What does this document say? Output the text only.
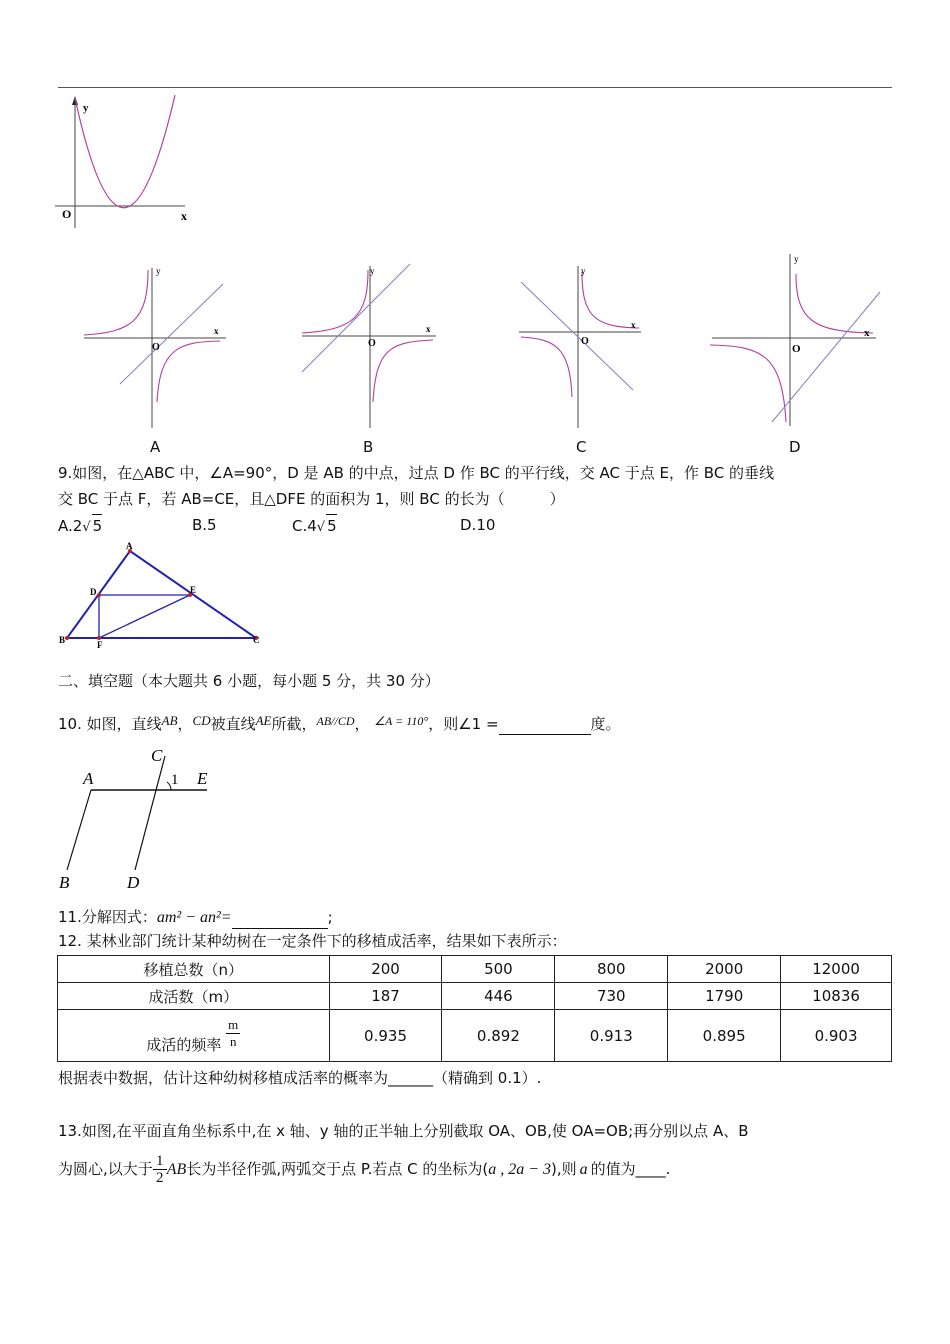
y
x
O
y
x
O
y
x
O
y
x
O
y
x
O
A	B	C	D
9.如图，在△ABC 中，∠A=90°，D 是 AB 的中点，过点 D 作 BC 的平行线，交 AC 于点 E，作 BC 的垂线
交 BC 于点 F，若 AB=CE，且△DFE 的面积为 1，则 BC 的长为（　　　）
A.2√ 5	B.5	C.4√ 5	D.10
A
B	C
D	E
F
二、填空题（本大题共 6 小题，每小题 5 分，共 30 分）
10. 如图，直线AB，CD被直线AE所截，$^{AB//CD}$， $^{\angle A = 110^\circ}$，则∠1 =	度。
A
C
1 E
B	D
11.分解因式：am² − an²=	;
12. 某林业部门统计某种幼树在一定条件下的移植成活率，结果如下表所示：
移植总数（n）	200	500	800	2000	12000
成活数（m）	187	446	730	1790	10836
成活的频率 $\frac{m}{n}$	0.935	0.892	0.913	0.895	0.903
根据表中数据，估计这种幼树移植成活率的概率为______（精确到 0.1）.
13.如图,在平面直角坐标系中,在 x 轴、y 轴的正半轴上分别截取 OA、OB,使 OA=OB;再分别以点 A、B
为圆心,以大于 $\frac{1}{2}$ AB长为半径作弧,两弧交于点 P.若点 C 的坐标为(a , 2a − 3),则 a 的值为____.
